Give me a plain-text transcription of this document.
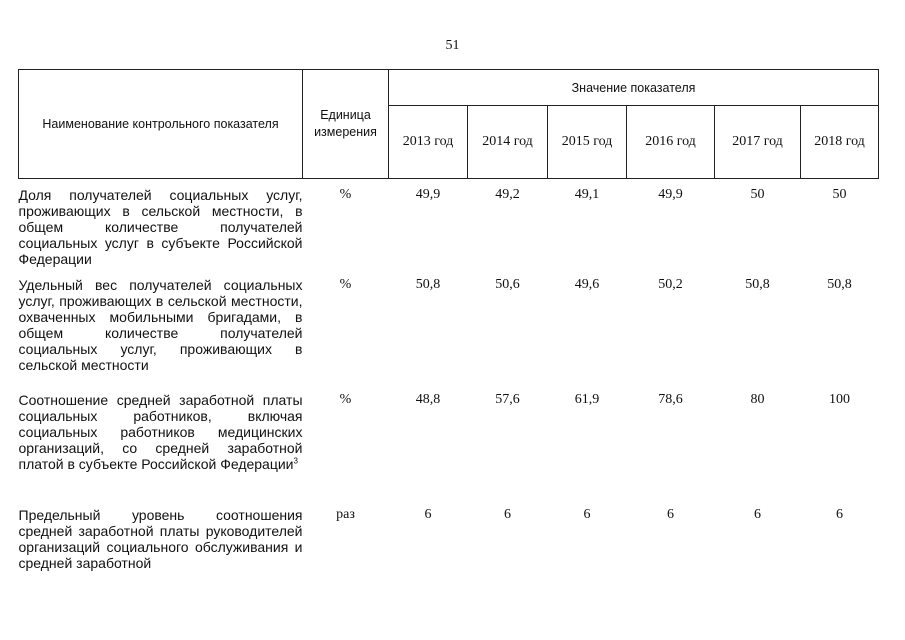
51
Наименование контрольного показателя	Единица измерения	Значение показателя					
		2013 год	2014 год	2015 год	2016 год	2017 год	2018 год

Доля получателей социальных услуг, проживающих в сельской местности, в общем количестве получателей социальных услуг в субъекте Российской Федерации	%	49,9	49,2	49,1	49,9	50	50
Удельный вес получателей социальных услуг, проживающих в сельской местности, охваченных мобильными бригадами, в общем количестве получателей социальных услуг, проживающих в сельской местности	%	50,8	50,6	49,6	50,2	50,8	50,8
Соотношение средней заработной платы социальных работников, включая социальных работников медицинских организаций, со средней заработной платой в субъекте Российской Федерации$^3$	%	48,8	57,6	61,9	78,6	80	100
Предельный уровень соотношения средней заработной платы руководителей организаций социального обслуживания и средней заработной	раз	6	6	6	6	6	6
